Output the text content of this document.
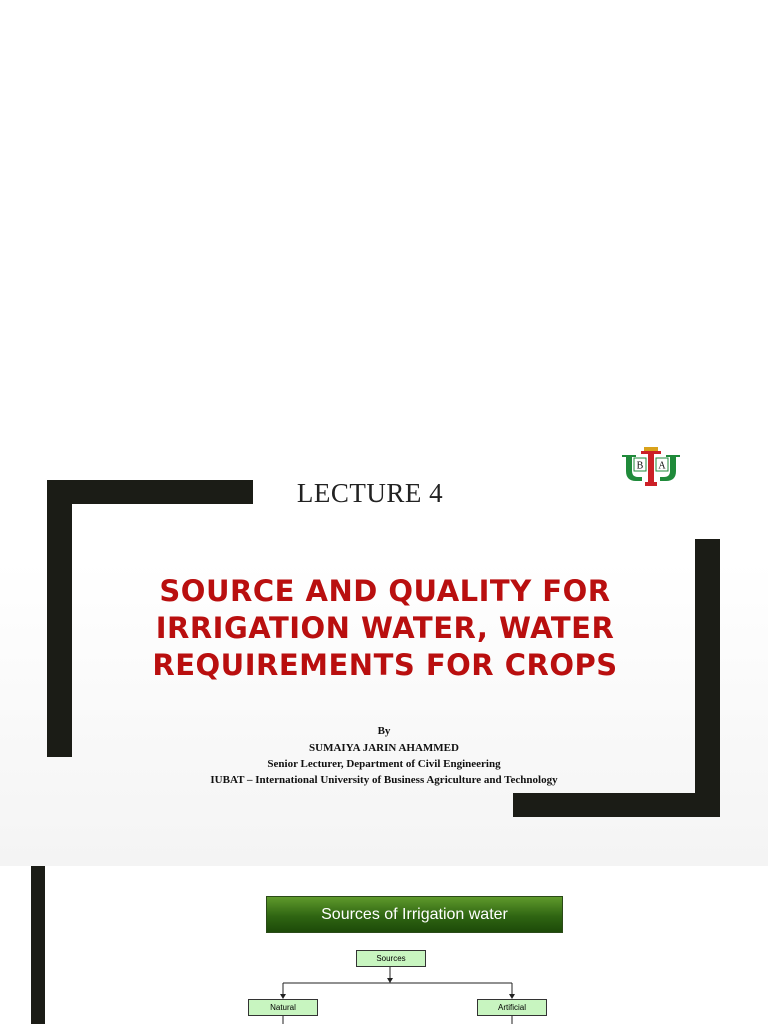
B A
LECTURE 4
SOURCE AND QUALITY FOR
IRRIGATION WATER, WATER
REQUIREMENTS FOR CROPS
By
SUMAIYA JARIN AHAMMED
Senior Lecturer, Department of Civil Engineering
IUBAT – International University of Business Agriculture and Technology
Sources of Irrigation water
Sources
Natural	Artificial
